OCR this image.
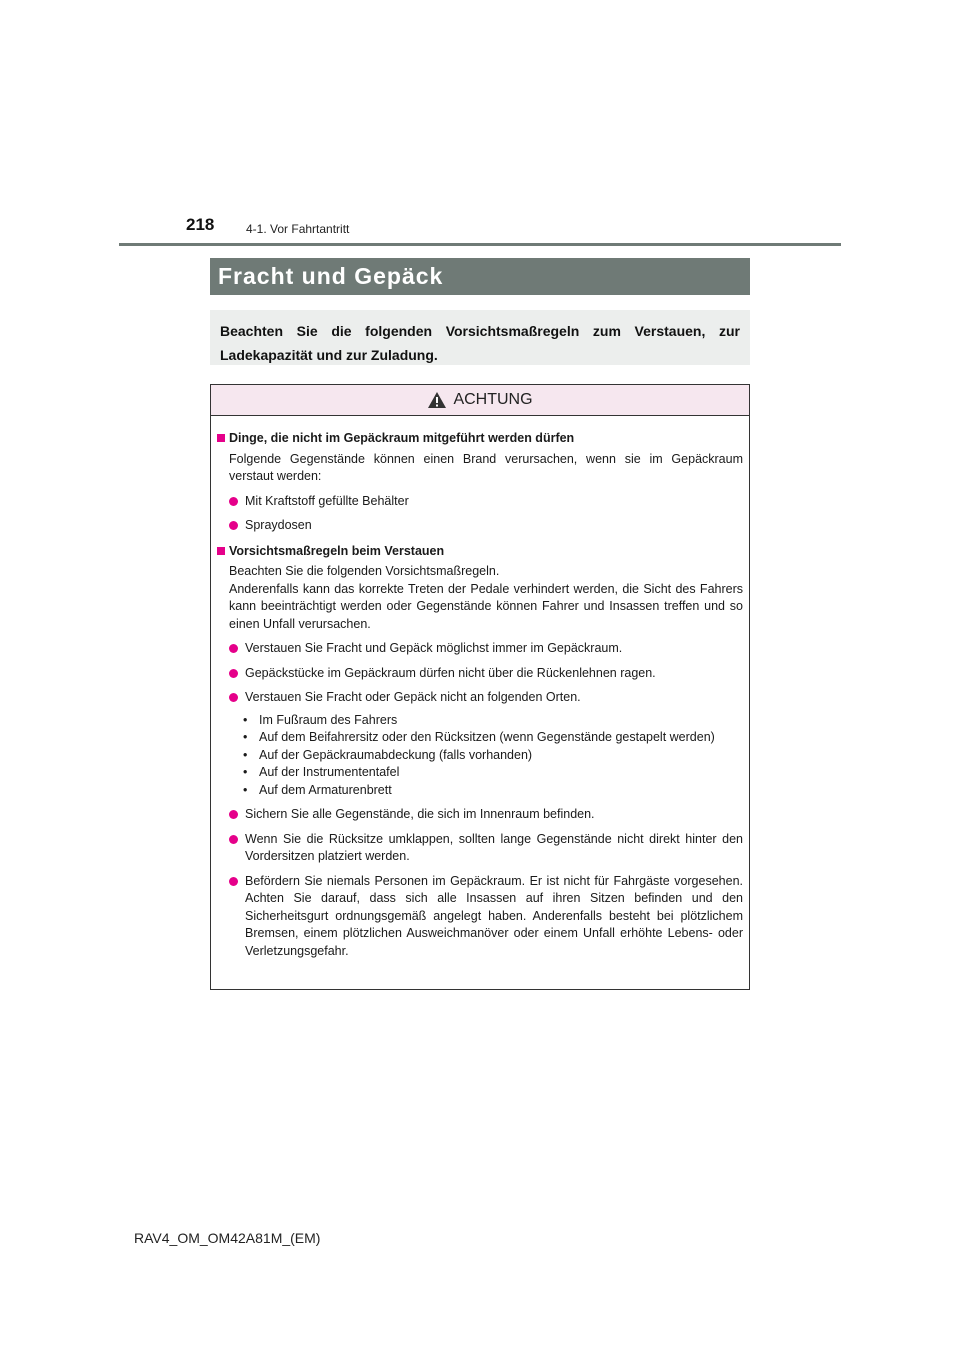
218	4-1. Vor Fahrtantritt
Fracht und Gepäck
Beachten Sie die folgenden Vorsichtsmaßregeln zum Verstauen, zur Ladekapazität und zur Zuladung.
ACHTUNG
Dinge, die nicht im Gepäckraum mitgeführt werden dürfen
Folgende Gegenstände können einen Brand verursachen, wenn sie im Gepäckraum verstaut werden:
Mit Kraftstoff gefüllte Behälter
Spraydosen
Vorsichtsmaßregeln beim Verstauen
Beachten Sie die folgenden Vorsichtsmaßregeln.
Anderenfalls kann das korrekte Treten der Pedale verhindert werden, die Sicht des Fahrers kann beeinträchtigt werden oder Gegenstände können Fahrer und Insassen treffen und so einen Unfall verursachen.
Verstauen Sie Fracht und Gepäck möglichst immer im Gepäckraum.
Gepäckstücke im Gepäckraum dürfen nicht über die Rückenlehnen ragen.
Verstauen Sie Fracht oder Gepäck nicht an folgenden Orten.
• Im Fußraum des Fahrers
• Auf dem Beifahrersitz oder den Rücksitzen (wenn Gegenstände gestapelt werden)
• Auf der Gepäckraumabdeckung (falls vorhanden)
• Auf der Instrumententafel
• Auf dem Armaturenbrett
Sichern Sie alle Gegenstände, die sich im Innenraum befinden.
Wenn Sie die Rücksitze umklappen, sollten lange Gegenstände nicht direkt hinter den Vordersitzen platziert werden.
Befördern Sie niemals Personen im Gepäckraum. Er ist nicht für Fahrgäste vorgesehen. Achten Sie darauf, dass sich alle Insassen auf ihren Sitzen befinden und den Sicherheitsgurt ordnungsgemäß angelegt haben. Anderenfalls besteht bei plötzlichem Bremsen, einem plötzlichen Ausweichmanöver oder einem Unfall erhöhte Lebens- oder Verletzungsgefahr.
RAV4_OM_OM42A81M_(EM)
